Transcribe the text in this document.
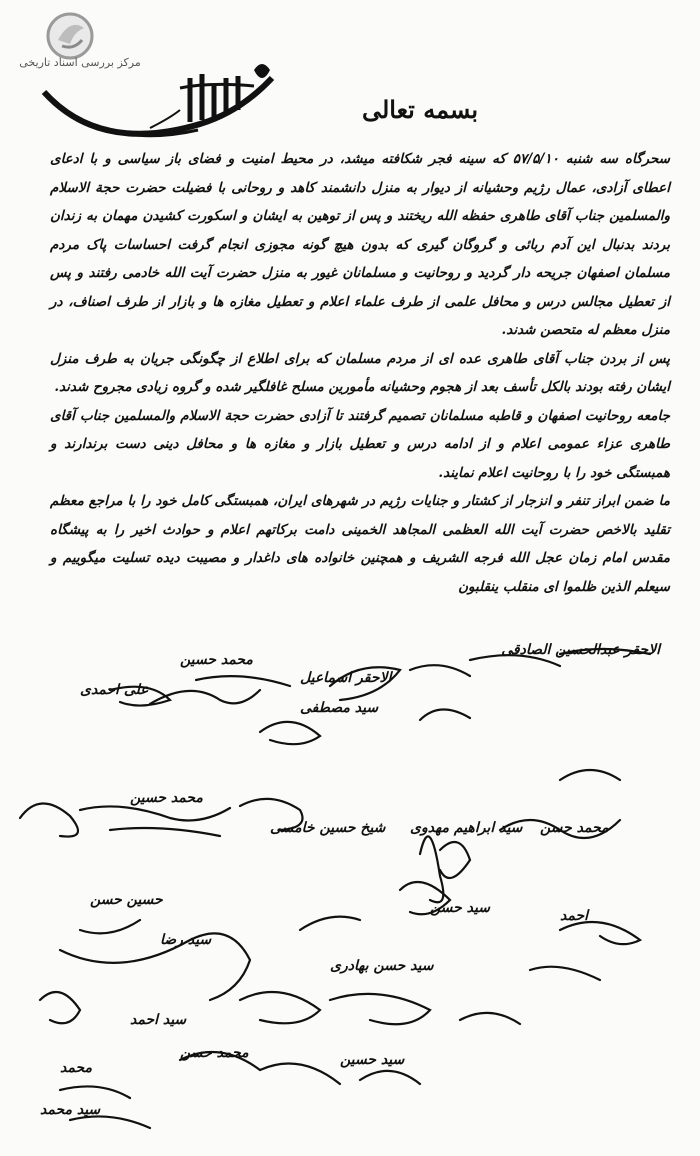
مرکز بررسی اسناد تاریخی
بسمه تعالی

سحرگاه سه شنبه ۵۷/۵/۱۰ که سینه فجر شکافته میشد، در محیط امنیت و فضای باز سیاسی و با ادعای اعطای آزادی، عمال رژیم وحشیانه از دیوار به منزل دانشمند کاهد و روحانی با فضیلت حضرت حجة الاسلام والمسلمین جناب آقای طاهری حفظه الله ریختند و پس از توهین به ایشان و اسکورت کشیدن مهمان به زندان بردند بدنبال این آدم ربائی و گروگان گیری که بدون هیچ گونه مجوزی انجام گرفت احساسات پاک مردم مسلمان اصفهان جریحه دار گردید و روحانیت و مسلمانان غیور به منزل حضرت آیت الله خادمی رفتند و پس از تعطیل مجالس درس و محافل علمی از طرف علماء اعلام و تعطیل مغازه ها و بازار از طرف اصناف، در منزل معظم له متحصن شدند.

پس از بردن جناب آقای طاهری عده ای از مردم مسلمان که برای اطلاع از چگونگی جریان به طرف منزل ایشان رفته بودند بالکل تأسف بعد از هجوم وحشیانه مأمورین مسلح غافلگیر شده و گروه زیادی مجروح شدند.

جامعه روحانیت اصفهان و قاطبه مسلمانان تصمیم گرفتند تا آزادی حضرت حجة الاسلام والمسلمین جناب آقای طاهری عزاء عمومی اعلام و از ادامه درس و تعطیل بازار و مغازه ها و محافل دینی دست برندارند و همبستگی خود را با روحانیت اعلام نمایند.

ما ضمن ابراز تنفر و انزجار از کشتار و جنایات رژیم در شهرهای ایران، همبستگی کامل خود را با مراجع معظم تقلید بالاخص حضرت آیت الله العظمی المجاهد الخمینی دامت برکاتهم اعلام و حوادث اخیر را به پیشگاه مقدس امام زمان عجل الله فرجه الشریف و همچنین خانواده های داغدار و مصیبت دیده تسلیت میگوییم و سیعلم الذین ظلموا ای منقلب ینقلبون

الاحقر عبدالحسین الصادقی
الاحقر اسماعیل
محمد حسین
سید مصطفی
علی احمدی
محمد حسن
شیخ حسین خامسی سید ابراهیم مهدوی
محمد حسین
سید حسن
حسین حسن
سید رضا
سید حسن بهادری
سید احمد
احمد
محمد حسن
محمد
سید محمد
سید حسین
